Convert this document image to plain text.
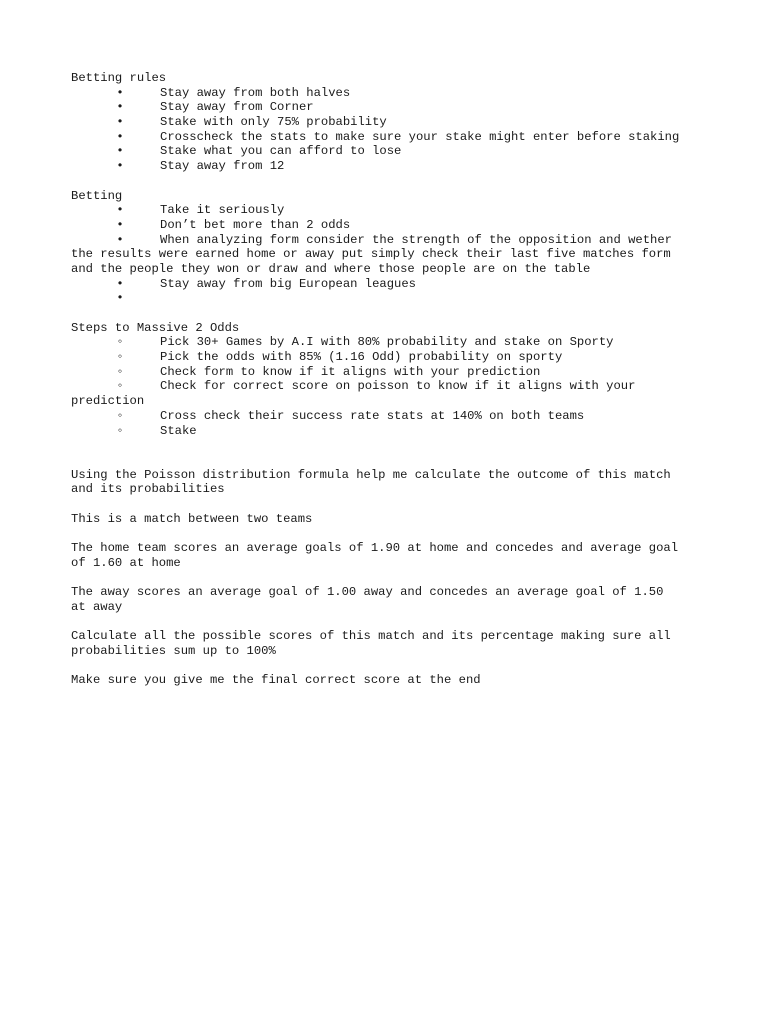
Betting rules
•	Stay away from both halves
•	Stay away from Corner
•	Stake with only 75% probability
•	Crosscheck the stats to make sure your stake might enter before staking
•	Stake what you can afford to lose
•	Stay away from 12
Betting
•	Take it seriously
•	Don’t bet more than 2 odds
•	When analyzing form consider the strength of the opposition and wether
the results were earned home or away put simply check their last five matches form
and the people they won or draw and where those people are on the table
•	Stay away from big European leagues
•
Steps to Massive 2 Odds
◦	Pick 30+ Games by A.I with 80% probability and stake on Sporty
◦	Pick the odds with 85% (1.16 Odd) probability on sporty
◦	Check form to know if it aligns with your prediction
◦	Check for correct score on poisson to know if it aligns with your
prediction
◦	Cross check their success rate stats at 140% on both teams
◦	Stake
Using the Poisson distribution formula help me calculate the outcome of this match
and its probabilities
This is a match between two teams
The home team scores an average goals of 1.90 at home and concedes and average goal
of 1.60 at home
The away scores an average goal of 1.00 away and concedes an average goal of 1.50
at away
Calculate all the possible scores of this match and its percentage making sure all
probabilities sum up to 100%
Make sure you give me the final correct score at the end
